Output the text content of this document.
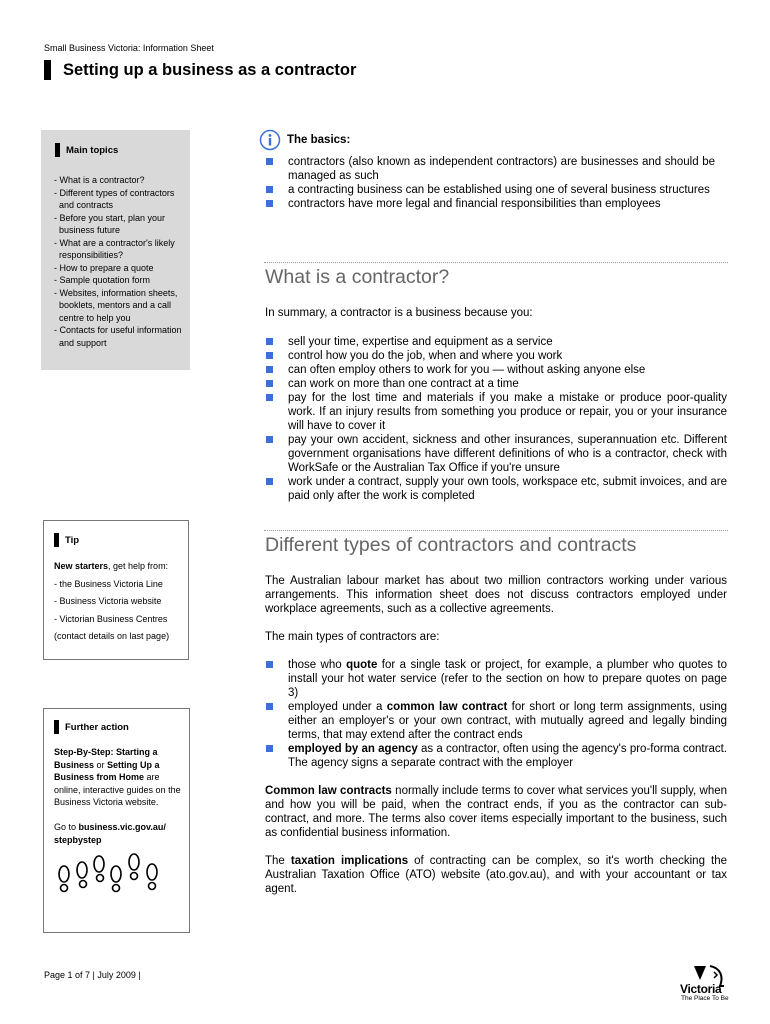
Small Business Victoria: Information Sheet
Setting up a business as a contractor
Main topics
- What is a contractor?
- Different types of contractors and contracts
- Before you start, plan your business future
- What are a contractor's likely responsibilities?
- How to prepare a quote
- Sample quotation form
- Websites, information sheets, booklets, mentors and a call centre to help you
- Contacts for useful information and support
Tip
New starters, get help from:
- the Business Victoria Line
- Business Victoria website
- Victorian Business Centres
(contact details on last page)
Further action
Step-By-Step: Starting a Business or Setting Up a Business from Home are online, interactive guides on the Business Victoria website.
Go to business.vic.gov.au/ stepbystep
The basics:
contractors (also known as independent contractors) are businesses and should be managed as such
a contracting business can be established using one of several business structures
contractors have more legal and financial responsibilities than employees
What is a contractor?
In summary, a contractor is a business because you:
sell your time, expertise and equipment as a service
control how you do the job, when and where you work
can often employ others to work for you — without asking anyone else
can work on more than one contract at a time
pay for the lost time and materials if you make a mistake or produce poor-quality work. If an injury results from something you produce or repair, you or your insurance will have to cover it
pay your own accident, sickness and other insurances, superannuation etc. Different government organisations have different definitions of who is a contractor, check with WorkSafe or the Australian Tax Office if you're unsure
work under a contract, supply your own tools, workspace etc, submit invoices, and are paid only after the work is completed
Different types of contractors and contracts
The Australian labour market has about two million contractors working under various arrangements. This information sheet does not discuss contractors employed under workplace agreements, such as a collective agreements.
The main types of contractors are:
those who quote for a single task or project, for example, a plumber who quotes to install your hot water service (refer to the section on how to prepare quotes on page 3)
employed under a common law contract for short or long term assignments, using either an employer's or your own contract, with mutually agreed and legally binding terms, that may extend after the contract ends
employed by an agency as a contractor, often using the agency's pro-forma contract. The agency signs a separate contract with the employer
Common law contracts normally include terms to cover what services you'll supply, when and how you will be paid, when the contract ends, if you as the contractor can sub-contract, and more. The terms also cover items especially important to the business, such as confidential business information.
The taxation implications of contracting can be complex, so it's worth checking the Australian Taxation Office (ATO) website (ato.gov.au), and with your accountant or tax agent.
Page 1 of 7 | July 2009 |
Victoria
The Place To Be
